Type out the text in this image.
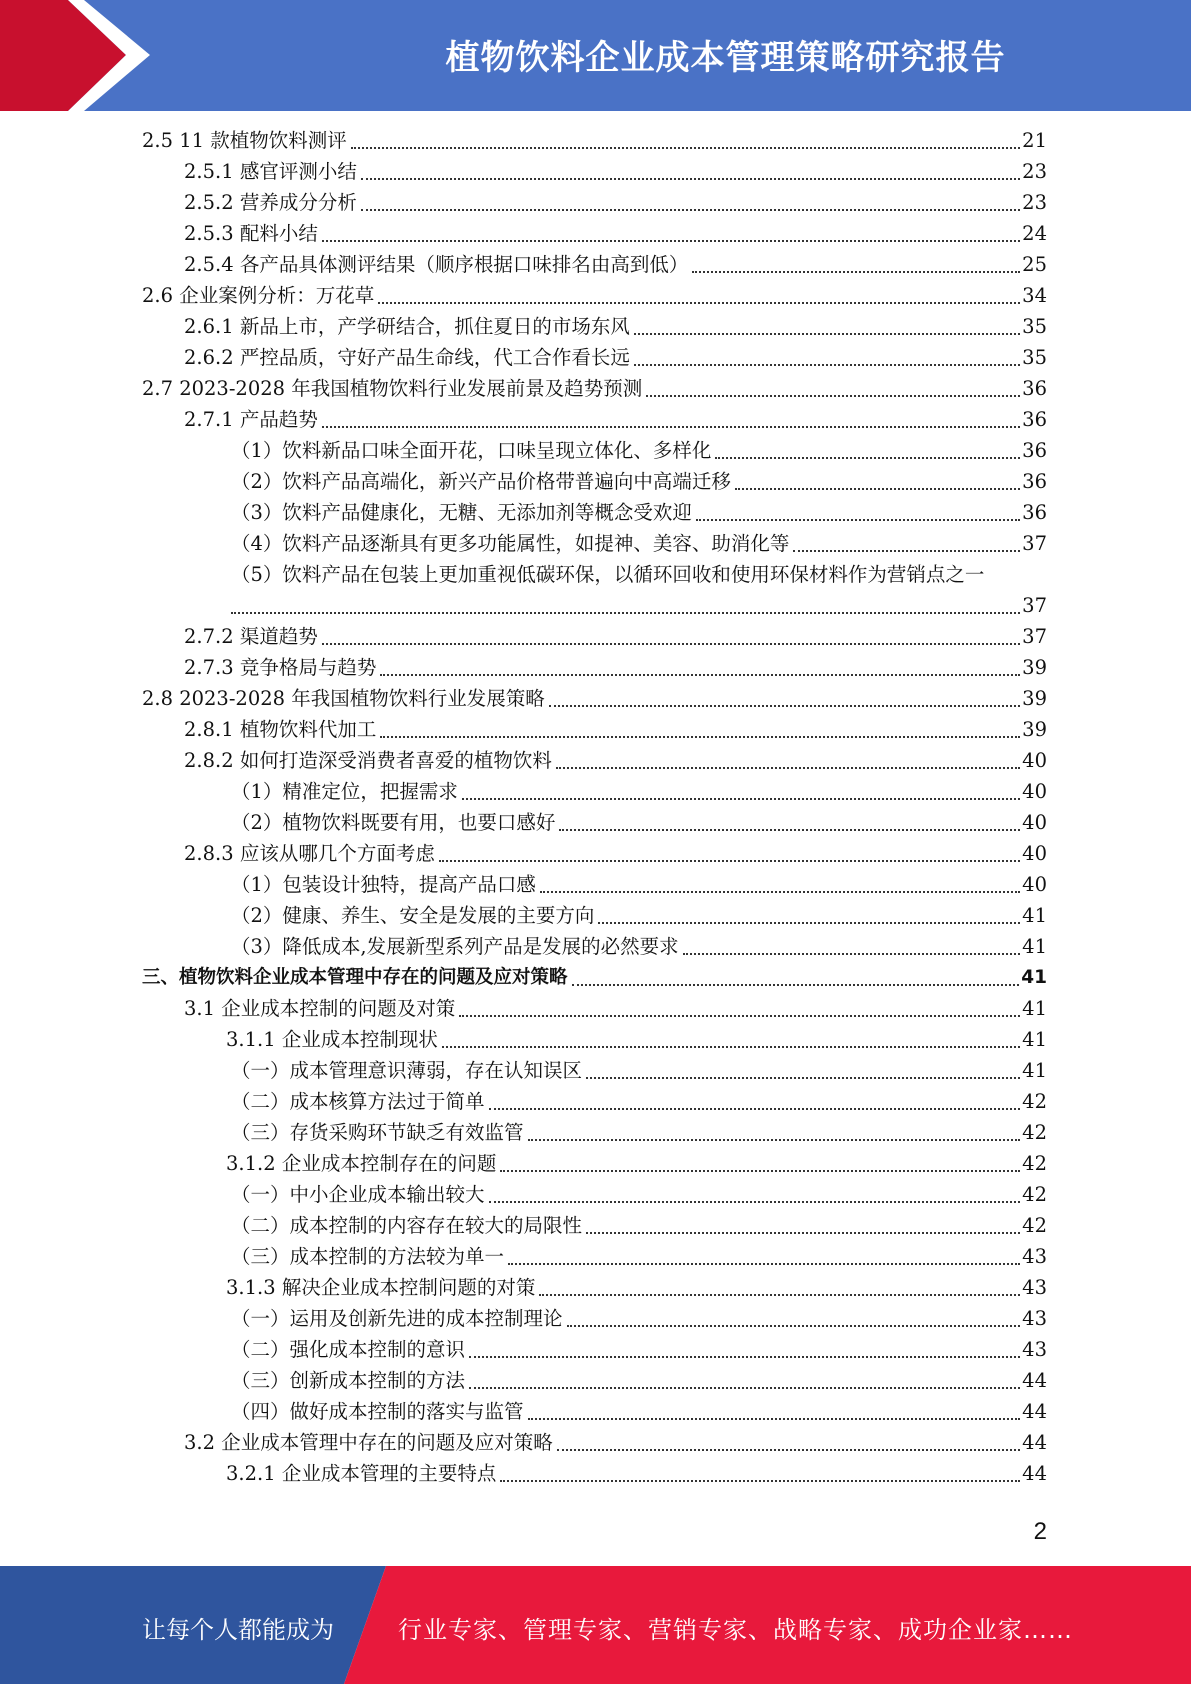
植物饮料企业成本管理策略研究报告
2.5 11 款植物饮料测评	21
2.5.1 感官评测小结	23
2.5.2 营养成分分析	23
2.5.3 配料小结	24
2.5.4 各产品具体测评结果（顺序根据口味排名由高到低）	25
2.6 企业案例分析：万花草	34
2.6.1 新品上市，产学研结合，抓住夏日的市场东风	35
2.6.2 严控品质，守好产品生命线，代工合作看长远	35
2.7 2023-2028 年我国植物饮料行业发展前景及趋势预测	36
2.7.1 产品趋势	36
（1）饮料新品口味全面开花，口味呈现立体化、多样化	36
（2）饮料产品高端化，新兴产品价格带普遍向中高端迁移	36
（3）饮料产品健康化，无糖、无添加剂等概念受欢迎	36
（4）饮料产品逐渐具有更多功能属性，如提神、美容、助消化等	37
（5）饮料产品在包装上更加重视低碳环保，以循环回收和使用环保材料作为营销点之一
37
2.7.2 渠道趋势	37
2.7.3 竞争格局与趋势	39
2.8 2023-2028 年我国植物饮料行业发展策略	39
2.8.1 植物饮料代加工	39
2.8.2 如何打造深受消费者喜爱的植物饮料	40
（1）精准定位，把握需求	40
（2）植物饮料既要有用，也要口感好	40
2.8.3 应该从哪几个方面考虑	40
（1）包装设计独特，提高产品口感	40
（2）健康、养生、安全是发展的主要方向	41
（3）降低成本,发展新型系列产品是发展的必然要求	41
三、植物饮料企业成本管理中存在的问题及应对策略	41
3.1 企业成本控制的问题及对策	41
3.1.1 企业成本控制现状	41
（一）成本管理意识薄弱，存在认知误区	41
（二）成本核算方法过于简单	42
（三）存货采购环节缺乏有效监管	42
3.1.2 企业成本控制存在的问题	42
（一）中小企业成本输出较大	42
（二）成本控制的内容存在较大的局限性	42
（三）成本控制的方法较为单一	43
3.1.3 解决企业成本控制问题的对策	43
（一）运用及创新先进的成本控制理论	43
（二）强化成本控制的意识	43
（三）创新成本控制的方法	44
（四）做好成本控制的落实与监管	44
3.2 企业成本管理中存在的问题及应对策略	44
3.2.1 企业成本管理的主要特点	44
2
让每个人都能成为	行业专家、管理专家、营销专家、战略专家、成功企业家……
